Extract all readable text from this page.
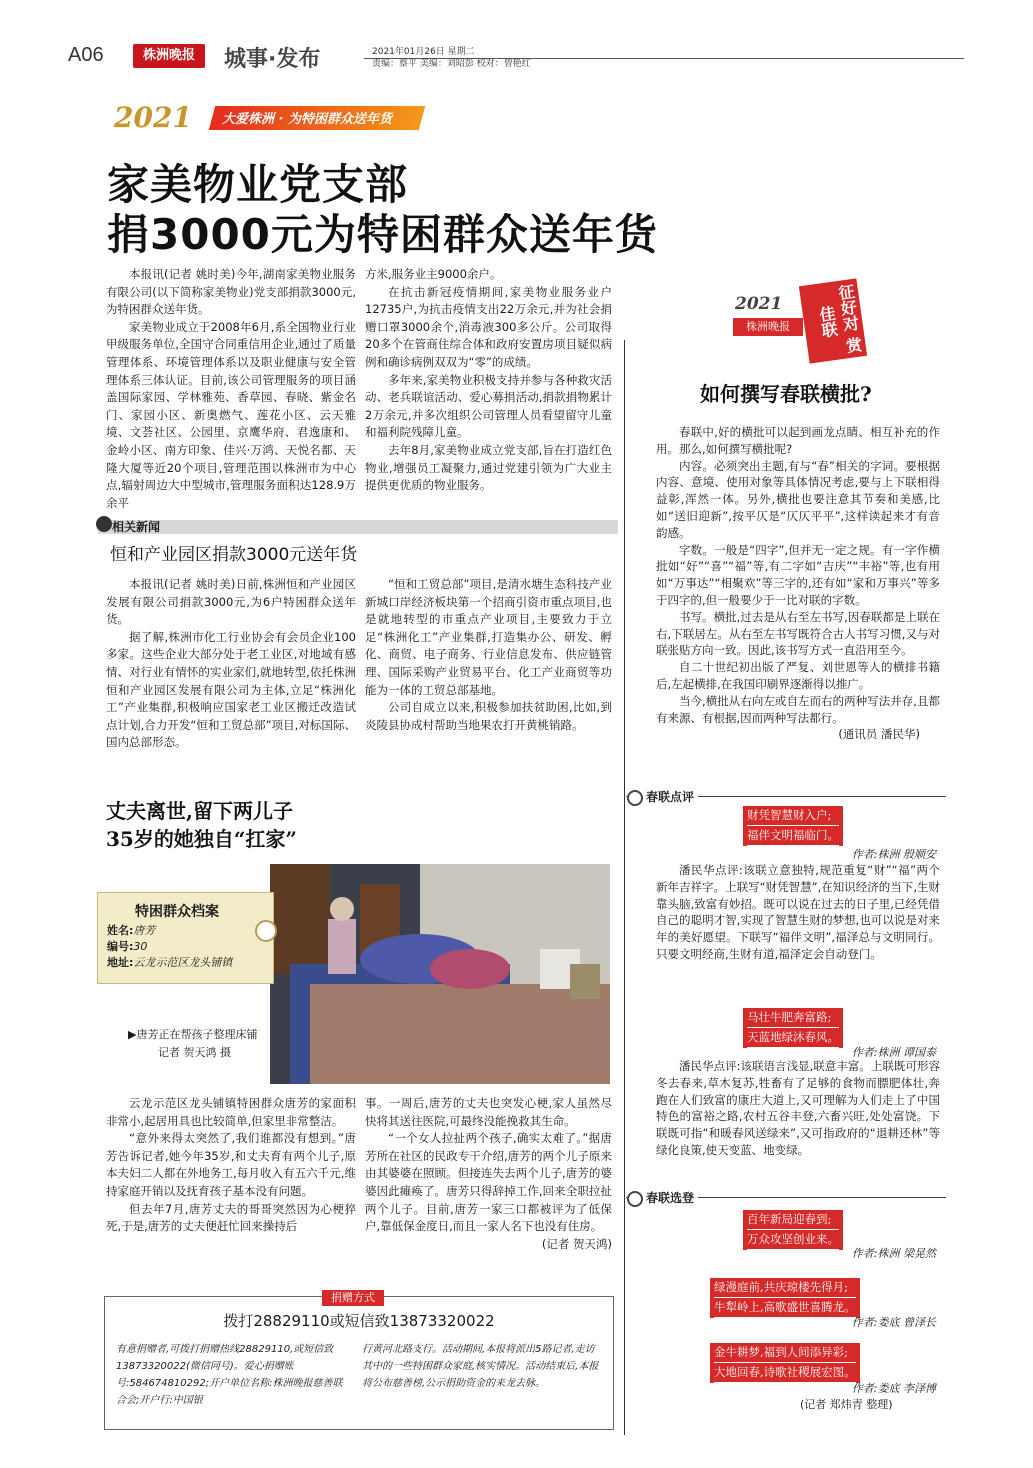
A06	株洲晚报	城事·发布	2021年01月26日 星期二
责编：蔡平 美编：刘昭彭 校对：曾艳红
2021 大爱株洲 · 为特困群众送年货
家美物业党支部
捐3000元为特困群众送年货

本报讯(记者 姚时美)今年,湖南家美物业服务有限公司(以下简称家美物业)党支部捐款3000元,为特困群众送年货。

家美物业成立于2008年6月,系全国物业行业甲级服务单位,全国守合同重信用企业,通过了质量管理体系、环境管理体系以及职业健康与安全管理体系三体认证。目前,该公司管理服务的项目涵盖国际家园、学林雅苑、香草园、春晓、紫金名门、家园小区、新奥燃气、莲花小区、云天雅境、文荟社区、公园里、京鹰华府、君逸康和、金岭小区、南方印象、佳兴·万鸿、天悦名都、天隆大厦等近20个项目,管理范围以株洲市为中心点,辐射周边大中型城市,管理服务面积达128.9万余平

方米,服务业主9000余户。

在抗击新冠疫情期间,家美物业服务业户12735户,为抗击疫情支出22万余元,并为社会捐赠口罩3000余个,消毒液300多公斤。公司取得20多个在管商住综合体和政府安置房项目疑似病例和确诊病例双双为“零”的成绩。

多年来,家美物业积极支持并参与各种救灾活动、老兵联谊活动、爱心募捐活动,捐款捐物累计2万余元,并多次组织公司管理人员看望留守儿童和福利院残障儿童。

去年8月,家美物业成立党支部,旨在打造红色物业,增强员工凝聚力,通过党建引领为广大业主提供更优质的物业服务。

相关新闻
恒和产业园区捐款3000元送年货

本报讯(记者 姚时美)日前,株洲恒和产业园区发展有限公司捐款3000元,为6户特困群众送年货。

据了解,株洲市化工行业协会有会员企业100多家。这些企业大部分处于老工业区,对地域有感情、对行业有情怀的实业家们,就地转型,依托株洲恒和产业园区发展有限公司为主体,立足“株洲化工”产业集群,积极响应国家老工业区搬迁改造试点计划,合力开发“恒和工贸总部”项目,对标国际、国内总部形态。

“恒和工贸总部”项目,是清水塘生态科技产业新城口岸经济板块第一个招商引资市重点项目,也是就地转型的市重点产业项目,主要致力于立足“株洲化工”产业集群,打造集办公、研发、孵化、商贸、电子商务、行业信息发布、供应链管理、国际采购产业贸易平台、化工产业商贸等功能为一体的工贸总部基地。

公司自成立以来,积极参加扶贫助困,比如,到炎陵县协成村帮助当地果农打开黄桃销路。

丈夫离世,留下两儿子
35岁的她独自“扛家”
特困群众档案
姓名:唐芳
编号:30
地址:云龙示范区龙头铺镇
▶唐芳正在帮孩子整理床铺
记者 贺天鸿 摄

云龙示范区龙头铺镇特困群众唐芳的家面积非常小,起居用具也比较简单,但家里非常整洁。

“意外来得太突然了,我们谁都没有想到。”唐芳告诉记者,她今年35岁,和丈夫育有两个儿子,原本夫妇二人都在外地务工,每月收入有五六千元,维持家庭开销以及抚育孩子基本没有问题。

但去年7月,唐芳丈夫的哥哥突然因为心梗猝死,于是,唐芳的丈夫便赶忙回来操持后

事。一周后,唐芳的丈夫也突发心梗,家人虽然尽快将其送往医院,可最终没能挽救其生命。

“一个女人拉扯两个孩子,确实太难了。”据唐芳所在社区的民政专干介绍,唐芳的两个儿子原来由其婆婆在照顾。但接连失去两个儿子,唐芳的婆婆因此瘫痪了。唐芳只得辞掉工作,回来全职拉扯两个儿子。目前,唐芳一家三口都被评为了低保户,靠低保金度日,而且一家人名下也没有住房。

(记者 贺天鸿)
捐赠方式
拨打28829110或短信致13873320022
有意捐赠者,可拨打捐赠热线28829110,或短信致13873320022(微信同号)。爱心捐赠账号:584674810292;开户单位名称:株洲晚报慈善联合会;开户行:中国银
行黄河北路支行。活动期间,本报将派出5路记者,走访其中的一些特困群众家庭,核实情况。活动结束后,本报将公布慈善榜,公示捐助资金的来龙去脉。
2021
株洲晚报	征好对 赏佳联
如何撰写春联横批?

春联中,好的横批可以起到画龙点睛、相互补充的作用。那么,如何撰写横批呢?

内容。必须突出主题,有与“春”相关的字词。要根据内容、意境、使用对象等具体情况考虑,要与上下联相得益彰,浑然一体。另外,横批也要注意其节奏和美感,比如“送旧迎新”,按平仄是“仄仄平平”,这样读起来才有音韵感。

字数。一般是“四字”,但并无一定之规。有一字作横批如“好”“喜”“福”等,有二字如“吉庆”“丰裕”等,也有用如“万事达”“相聚欢”等三字的,还有如“家和万事兴”等多于四字的,但一般要少于一比对联的字数。

书写。横批,过去是从右至左书写,因春联都是上联在右,下联居左。从右至左书写既符合古人书写习惯,又与对联张贴方向一致。因此,该书写方式一直沿用至今。

自二十世纪初出版了严复、刘世恩等人的横排书籍后,左起横排,在我国印刷界逐渐得以推广。

当今,横批从右向左或自左而右的两种写法并存,且都有来源、有根据,因而两种写法都行。

(通讯员 潘民华)
春联点评
财凭智慧财入户;
福伴文明福临门。
作者:株洲 殷顺安

潘民华点评:该联立意独特,规范重复“财”“福”两个新年吉祥字。上联写“财凭智慧”,在知识经济的当下,生财靠头脑,致富有妙招。既可以说在过去的日子里,已经凭借自己的聪明才智,实现了智慧生财的梦想,也可以说是对来年的美好愿望。下联写“福伴文明”,福泽总与文明同行。只要文明经商,生财有道,福泽定会自动登门。

马壮牛肥奔富路;
天蓝地绿沐春风。
作者:株洲 谭国泰

潘民华点评:该联语言浅显,联意丰富。上联既可形容冬去春来,草木复苏,牲畜有了足够的食物而膘肥体壮,奔跑在人们致富的康庄大道上,又可理解为人们走上了中国特色的富裕之路,农村五谷丰登,六畜兴旺,处处富饶。下联既可指“和暖春风送绿来”,又可指政府的“退耕还林”等绿化良策,使天变蓝、地变绿。

春联选登
百年新局迎春到;
万众攻坚创业来。
作者:株洲 梁晃然
绿漫庭前,共庆琼楼先得月;
牛犁岭上,高歌盛世喜腾龙。
作者:娄底 曾泽长
金牛耕梦,福到人间添异彩;
大地回春,诗歌社稷展宏图。
作者:娄底 李泽博
(记者 郑炜青 整理)
